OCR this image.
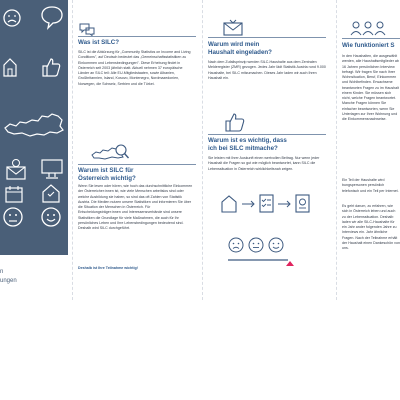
n
ungen

Was ist SILC?

SILC ist die Abkürzung für „Community Statistics on Income and Living Conditions", auf Deutsch bedeutet das „Gemeinschaftsstatistiken zu Einkommen und Lebensbedingungen". Diese Erhebung findet in Österreich seit 2003 jährlich statt. Aktuell nehmen 37 europäische Länder an SILC teil: Alle EU-Mitgliedstaaten, sowie Albanien, Großbritannien, Island, Kosovo, Montenegro, Nordmazedonien, Norwegen, die Schweiz, Serbien und die Türkei.

Warum ist SILC für
Österreich wichtig?

Wenn Sie lesen oder hören, wie hoch das durchschnittliche Einkommen der Österreicher:innen ist, wie viele Menschen arbeitslos sind oder welche Ausbildung sie haben, so sind das oft Zahlen von Statistik Austria. Die Medien nutzen unsere Statistiken und informieren Sie über die Situation der Menschen in Österreich. Für Entscheidungsträger:innen und Interessensverbände sind unsere Statistiken die Grundlage für viele Maßnahmen, die auch für Ihr persönliches Leben und Ihre Lebensbedingungen bedeutend sind. Deshalb wird SILC durchgeführt.

Deshalb ist Ihre Teilnahme wichtig!

Warum wird mein
Haushalt eingeladen?

Nach dem Zufallsprinzip werden SILC-Haushalte aus dem Zentralen Melderegister (ZMR) gezogen. Jedes Jahr lädt Statistik Austria rund 9.000 Haushalte, bei SILC mitzumachen. Dieses Jahr laden wir auch Ihren Haushalt ein.

Warum ist es wichtig, dass
ich bei SILC mitmache?

Sie leisten mit Ihrer Auskunft einen wertvollen Beitrag. Nur wenn jeder Haushalt die Fragen so gut wie möglich beantwortet, kann SILC die Lebenssituation in Österreich wirklichkeitsnah zeigen.

Wie funktioniert S

In den Haushalten, die ausgewählt werden, alle Haushaltsmitglieder ab 16 Jahren persönlichen Interview befragt. Wir fragen Sie nach Ihrer Wohnsituation, Beruf, Einkommen und Wohlbefinden. Erwachsene beantworten Fragen zu im Haushalt einem Kinder. Sie müssen sich nicht, welche Fragen beantwortet. Manche Fragen können Sie einfacher beantworten, wenn Sie Unterlagen zur Ihrer Wohnung und die Einkommensnachweise.

Ein Teil der Haushalte wird bungspersonen persönlich telefonisch und ein Teil per Internet.

Es geht darum, zu erfahren, wie sich in Österreich leben und auch zu der Lebenssituation. Deshalb laden wir alle SILC-Haushalte für ein Jahr ander folgenden Jahre zu Interviews ein. Jahr ähnliche Fragen. Nach der Teilnahme erhält der Haushalt einen Dankeschön von uns.
